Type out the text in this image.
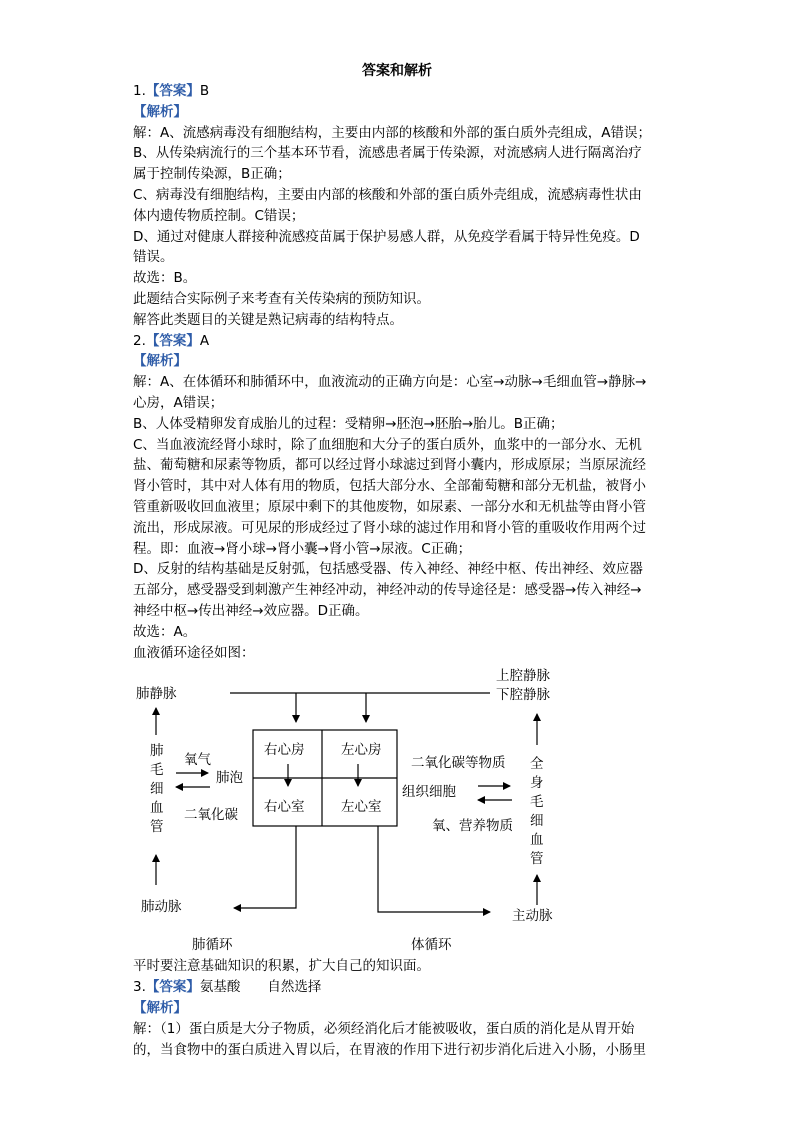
答案和解析
1.【答案】B
【解析】
解：A、流感病毒没有细胞结构，主要由内部的核酸和外部的蛋白质外壳组成，A错误；
B、从传染病流行的三个基本环节看，流感患者属于传染源，对流感病人进行隔离治疗
属于控制传染源，B正确；
C、病毒没有细胞结构，主要由内部的核酸和外部的蛋白质外壳组成，流感病毒性状由
体内遗传物质控制。C错误；
D、通过对健康人群接种流感疫苗属于保护易感人群，从免疫学看属于特异性免疫。D
错误。
故选：B。
此题结合实际例子来考查有关传染病的预防知识。
解答此类题目的关键是熟记病毒的结构特点。
2.【答案】A
【解析】
解：A、在体循环和肺循环中，血液流动的正确方向是：心室→动脉→毛细血管→静脉→
心房，A错误；
B、人体受精卵发育成胎儿的过程：受精卵→胚泡→胚胎→胎儿。B正确；
C、当血液流经肾小球时，除了血细胞和大分子的蛋白质外，血浆中的一部分水、无机
盐、葡萄糖和尿素等物质，都可以经过肾小球滤过到肾小囊内，形成原尿；当原尿流经
肾小管时，其中对人体有用的物质，包括大部分水、全部葡萄糖和部分无机盐，被肾小
管重新吸收回血液里；原尿中剩下的其他废物，如尿素、一部分水和无机盐等由肾小管
流出，形成尿液。可见尿的形成经过了肾小球的滤过作用和肾小管的重吸收作用两个过
程。即：血液→肾小球→肾小囊→肾小管→尿液。C正确；
D、反射的结构基础是反射弧，包括感受器、传入神经、神经中枢、传出神经、效应器
五部分，感受器受到刺激产生神经冲动，神经冲动的传导途径是：感受器→传入神经→
神经中枢→传出神经→效应器。D正确。
故选：A。
血液循环途径如图：
肺静脉
上腔静脉
下腔静脉
肺
毛
细
血
管
氧气
肺泡
二氧化碳
右心房	左心房
右心室	左心室
二氧化碳等物质
组织细胞
氧、营养物质
全
身
毛
细
血
管
肺动脉
主动脉
肺循环	体循环
平时要注意基础知识的积累，扩大自己的知识面。
3.【答案】氨基酸　　自然选择
【解析】
解：（1）蛋白质是大分子物质，必须经消化后才能被吸收，蛋白质的消化是从胃开始
的，当食物中的蛋白质进入胃以后，在胃液的作用下进行初步消化后进入小肠，小肠里
